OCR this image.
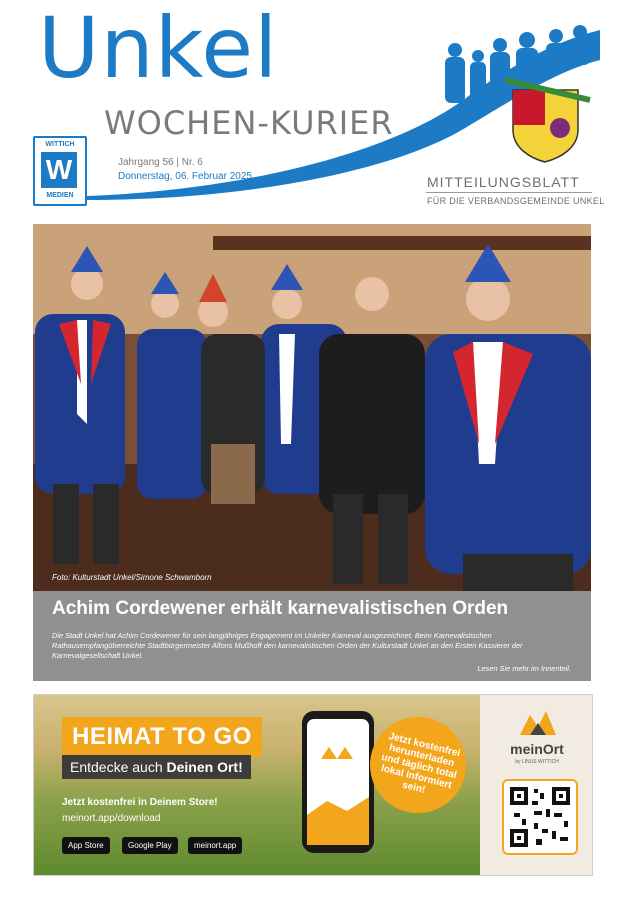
Unkel
WOCHEN-KURIER
WITTICH
W
MEDIEN
Jahrgang 56 | Nr. 6
Donnerstag, 06. Februar 2025	MITTEILUNGSBLATT
FÜR DIE VERBANDSGEMEINDE UNKEL
Foto: Kulturstadt Unkel/Simone Schwamborn
Achim Cordewener erhält karnevalistischen Orden
Die Stadt Unkel hat Achim Cordewener für sein langjähriges Engagement im Unkeler Karneval ausgezeichnet. Beim Karnevalistischen Rathausempfangüberreichte Stadtbürgermeister Alfons Mußhoff den karnevalistischen Orden der Kulturstadt Unkel an den Ersten Kassierer der Karnevalgesellschaft Unkel.
Lesen Sie mehr im Innenteil.
HEIMAT TO GO
Entdecke auch Deinen Ort!
Jetzt kostenfrei in Deinem Store!
meinort.app/download
App Store	Google Play	meinort.app
Jetzt kostenfrei herunterladen und täglich total lokal informiert sein!
meinOrt
by LINUS WITTICH
